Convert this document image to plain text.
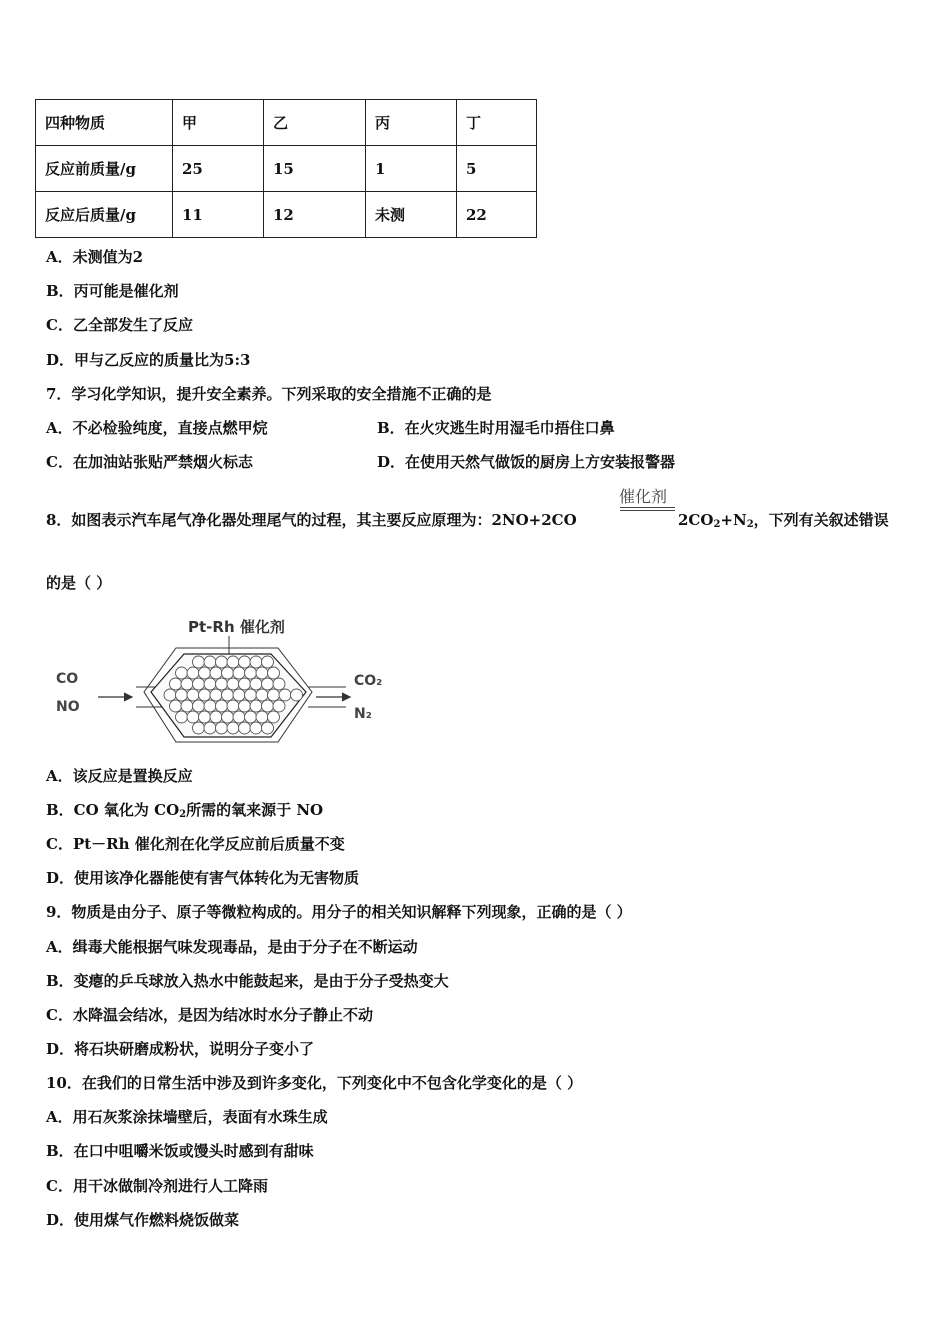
四种物质	甲	乙	丙	丁
反应前质量/g	25	15	1	5
反应后质量/g	11	12	未测	22
A．未测值为2
B．丙可能是催化剂
C．乙全部发生了反应
D．甲与乙反应的质量比为5:3
7．学习化学知识，提升安全素养。下列采取的安全措施不正确的是
A．不必检验纯度，直接点燃甲烷	B．在火灾逃生时用湿毛巾捂住口鼻
C．在加油站张贴严禁烟火标志	D．在使用天然气做饭的厨房上方安装报警器
8．如图表示汽车尾气净化器处理尾气的过程，其主要反应原理为：2NO+2CO
催化剂
$2CO_2+N_2$，下列有关叙述错误
的是（ ）
Pt-Rh 催化剂
CO
NO
CO₂
N₂
A．该反应是置换反应
B．CO 氧化为 $CO_2$所需的氧来源于 NO
C．Pt－Rh 催化剂在化学反应前后质量不变
D．使用该净化器能使有害气体转化为无害物质
9．物质是由分子、原子等微粒构成的。用分子的相关知识解释下列现象，正确的是（ ）
A．缉毒犬能根据气味发现毒品，是由于分子在不断运动
B．变瘪的乒乓球放入热水中能鼓起来，是由于分子受热变大
C．水降温会结冰，是因为结冰时水分子静止不动
D．将石块研磨成粉状，说明分子变小了
10．在我们的日常生活中涉及到许多变化，下列变化中不包含化学变化的是（ ）
A．用石灰浆涂抹墙壁后，表面有水珠生成
B．在口中咀嚼米饭或馒头时感到有甜味
C．用干冰做制冷剂进行人工降雨
D．使用煤气作燃料烧饭做菜
